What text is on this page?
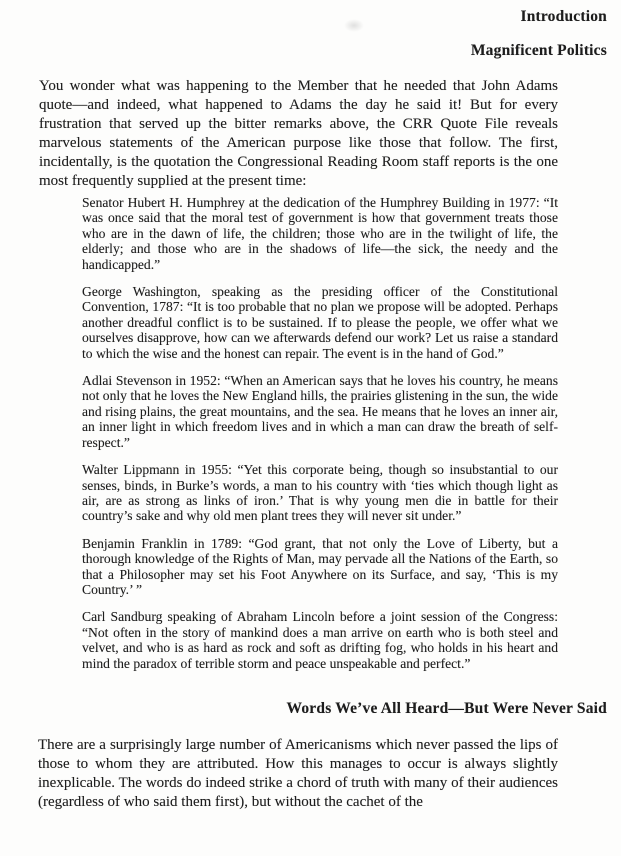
Introduction
Magnificent Politics

You wonder what was happening to the Member that he needed that John Adams quote—and indeed, what happened to Adams the day he said it! But for every frustration that served up the bitter remarks above, the CRR Quote File reveals marvelous statements of the American purpose like those that follow. The first, incidentally, is the quotation the Congressional Reading Room staff reports is the one most frequently supplied at the present time:

Senator Hubert H. Humphrey at the dedication of the Humphrey Building in 1977: “It was once said that the moral test of government is how that government treats those who are in the dawn of life, the children; those who are in the twilight of life, the elderly; and those who are in the shadows of life—the sick, the needy and the handicapped.”

George Washington, speaking as the presiding officer of the Constitutional Convention, 1787: “It is too probable that no plan we propose will be adopted. Perhaps another dreadful conflict is to be sustained. If to please the people, we offer what we ourselves disapprove, how can we afterwards defend our work? Let us raise a standard to which the wise and the honest can repair. The event is in the hand of God.”

Adlai Stevenson in 1952: “When an American says that he loves his country, he means not only that he loves the New England hills, the prairies glistening in the sun, the wide and rising plains, the great mountains, and the sea. He means that he loves an inner air, an inner light in which freedom lives and in which a man can draw the breath of self-respect.”

Walter Lippmann in 1955: “Yet this corporate being, though so insubstantial to our senses, binds, in Burke’s words, a man to his country with ‘ties which though light as air, are as strong as links of iron.’ That is why young men die in battle for their country’s sake and why old men plant trees they will never sit under.”

Benjamin Franklin in 1789: “God grant, that not only the Love of Liberty, but a thorough knowledge of the Rights of Man, may pervade all the Nations of the Earth, so that a Philosopher may set his Foot Anywhere on its Surface, and say, ‘This is my Country.’ ”

Carl Sandburg speaking of Abraham Lincoln before a joint session of the Congress: “Not often in the story of mankind does a man arrive on earth who is both steel and velvet, and who is as hard as rock and soft as drifting fog, who holds in his heart and mind the paradox of terrible storm and peace unspeakable and perfect.”

Words We’ve All Heard—But Were Never Said

There are a surprisingly large number of Americanisms which never passed the lips of those to whom they are attributed. How this manages to occur is always slightly inexplicable. The words do indeed strike a chord of truth with many of their audiences (regardless of who said them first), but without the cachet of the
